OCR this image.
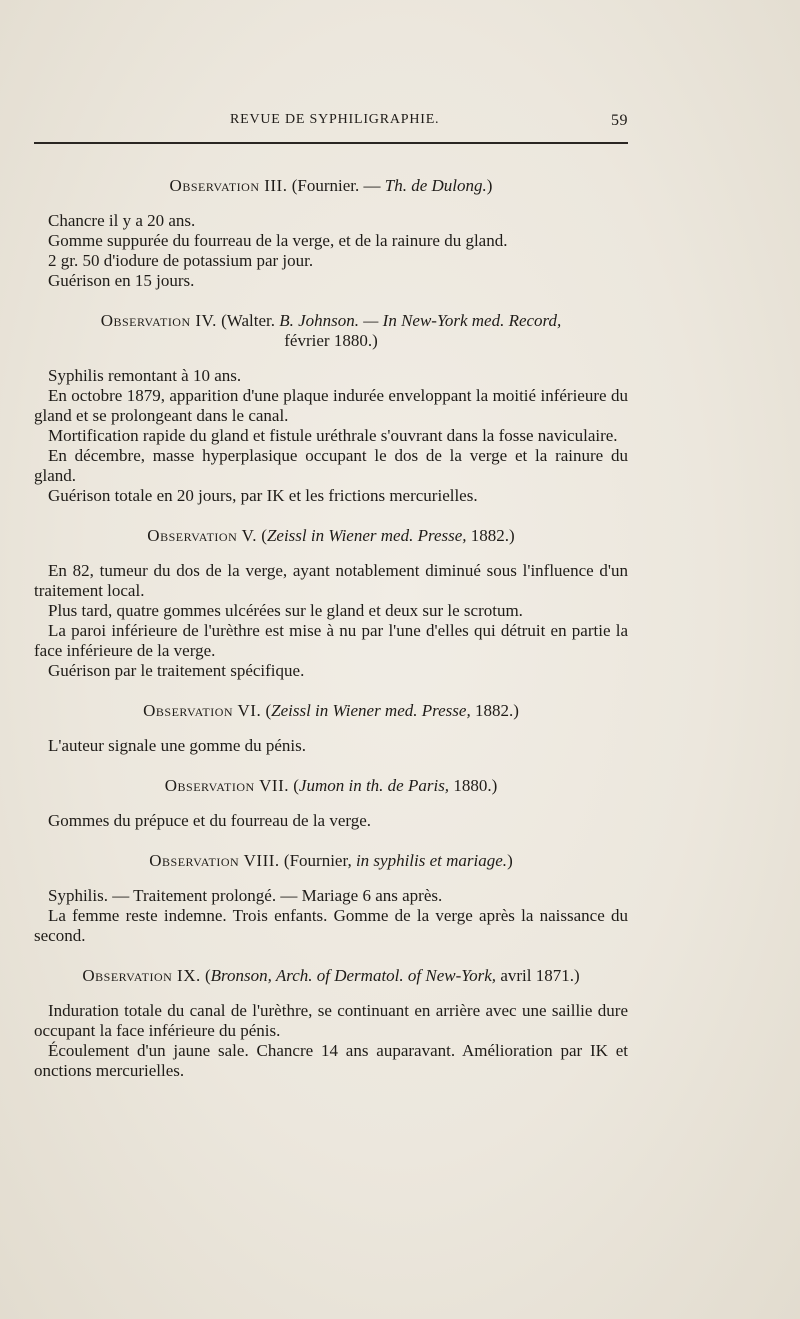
REVUE DE SYPHILIGRAPHIE.	59

Observation III. (Fournier. — Th. de Dulong.)

Chancre il y a 20 ans.

Gomme suppurée du fourreau de la verge, et de la rainure du gland.

2 gr. 50 d'iodure de potassium par jour.

Guérison en 15 jours.

Observation IV. (Walter. B. Johnson. — In New-York med. Record,
février 1880.)

Syphilis remontant à 10 ans.

En octobre 1879, apparition d'une plaque indurée enveloppant la moitié inférieure du gland et se prolongeant dans le canal.

Mortification rapide du gland et fistule uréthrale s'ouvrant dans la fosse naviculaire.

En décembre, masse hyperplasique occupant le dos de la verge et la rainure du gland.

Guérison totale en 20 jours, par IK et les frictions mercurielles.

Observation V. (Zeissl in Wiener med. Presse, 1882.)

En 82, tumeur du dos de la verge, ayant notablement diminué sous l'influence d'un traitement local.

Plus tard, quatre gommes ulcérées sur le gland et deux sur le scrotum.

La paroi inférieure de l'urèthre est mise à nu par l'une d'elles qui détruit en partie la face inférieure de la verge.

Guérison par le traitement spécifique.

Observation VI. (Zeissl in Wiener med. Presse, 1882.)

L'auteur signale une gomme du pénis.

Observation VII. (Jumon in th. de Paris, 1880.)

Gommes du prépuce et du fourreau de la verge.

Observation VIII. (Fournier, in syphilis et mariage.)

Syphilis. — Traitement prolongé. — Mariage 6 ans après.

La femme reste indemne. Trois enfants. Gomme de la verge après la naissance du second.

Observation IX. (Bronson, Arch. of Dermatol. of New-York, avril 1871.)

Induration totale du canal de l'urèthre, se continuant en arrière avec une saillie dure occupant la face inférieure du pénis.

Écoulement d'un jaune sale. Chancre 14 ans auparavant. Amélioration par IK et onctions mercurielles.
